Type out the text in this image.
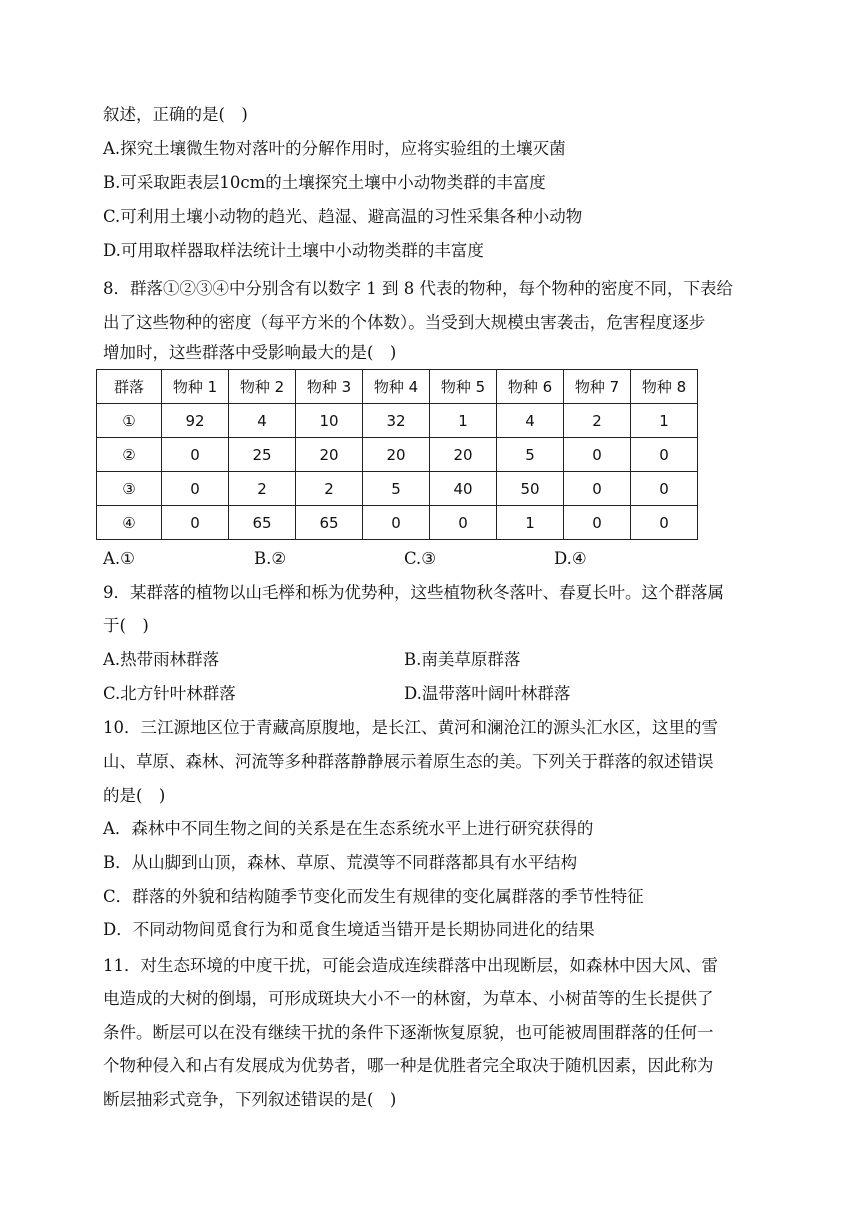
叙述，正确的是(　)
A.探究土壤微生物对落叶的分解作用时，应将实验组的土壤灭菌
B.可采取距表层10cm的土壤探究土壤中小动物类群的丰富度
C.可利用土壤小动物的趋光、趋湿、避高温的习性采集各种小动物
D.可用取样器取样法统计土壤中小动物类群的丰富度
8．群落①②③④中分别含有以数字 1 到 8 代表的物种，每个物种的密度不同，下表给
出了这些物种的密度（每平方米的个体数）。当受到大规模虫害袭击，危害程度逐步
增加时，这些群落中受影响最大的是(　)
群落	物种 1	物种 2	物种 3	物种 4	物种 5	物种 6	物种 7	物种 8
①	92	4	10	32	1	4	2	1
②	0	25	20	20	20	5	0	0
③	0	2	2	5	40	50	0	0
④	0	65	65	0	0	1	0	0
A.①	B.②	C.③	D.④
9．某群落的植物以山毛榉和栎为优势种，这些植物秋冬落叶、春夏长叶。这个群落属
于(　)
A.热带雨林群落	B.南美草原群落
C.北方针叶林群落	D.温带落叶阔叶林群落
10．三江源地区位于青藏高原腹地，是长江、黄河和澜沧江的源头汇水区，这里的雪
山、草原、森林、河流等多种群落静静展示着原生态的美。下列关于群落的叙述错误
的是(　)
A．森林中不同生物之间的关系是在生态系统水平上进行研究获得的
B．从山脚到山顶，森林、草原、荒漠等不同群落都具有水平结构
C．群落的外貌和结构随季节变化而发生有规律的变化属群落的季节性特征
D．不同动物间觅食行为和觅食生境适当错开是长期协同进化的结果
11．对生态环境的中度干扰，可能会造成连续群落中出现断层，如森林中因大风、雷
电造成的大树的倒塌，可形成斑块大小不一的林窗，为草本、小树苗等的生长提供了
条件。断层可以在没有继续干扰的条件下逐渐恢复原貌，也可能被周围群落的任何一
个物种侵入和占有发展成为优势者，哪一种是优胜者完全取决于随机因素，因此称为
断层抽彩式竞争，下列叙述错误的是(　)
